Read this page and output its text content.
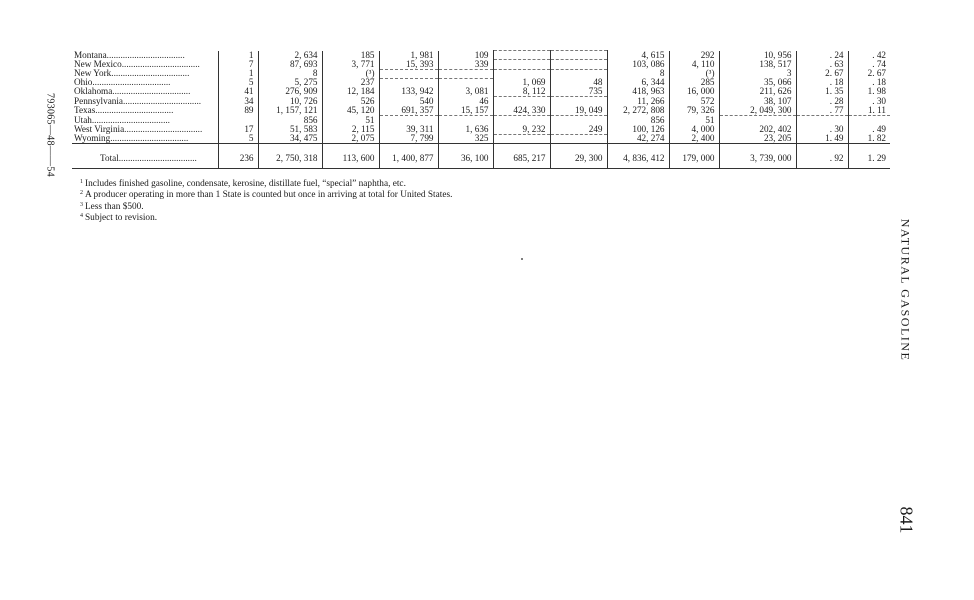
793065—48——54
Montana..................................	1	2, 634	185	1, 981	109			4, 615	292	10, 956	. 24	. 42
New Mexico..................................	7	87, 693	3, 771	15, 393	339			103, 086	4, 110	138, 517	. 63	. 74
New York..................................	1	8	(³)					8	(³)	3	2. 67	2. 67
Ohio..................................	5	5, 275	237			1, 069	48	6, 344	285	35, 066	. 18	. 18
Oklahoma..................................	41	276, 909	12, 184	133, 942	3, 081	8, 112	735	418, 963	16, 000	211, 626	1. 35	1. 98
Pennsylvania..................................	34	10, 726	526	540	46			11, 266	572	38, 107	. 28	. 30
Texas..................................	89	1, 157, 121	45, 120	691, 357	15, 157	424, 330	19, 049	2, 272, 808	79, 326	2, 049, 300	. 77	1. 11
Utah..................................		856	51					856	51			
West Virginia..................................	17	51, 583	2, 115	39, 311	1, 636	9, 232	249	100, 126	4, 000	202, 402	. 30	. 49
Wyoming..................................	5	34, 475	2, 075	7, 799	325			42, 274	2, 400	23, 205	1. 49	1. 82
Total..................................	236	2, 750, 318	113, 600	1, 400, 877	36, 100	685, 217	29, 300	4, 836, 412	179, 000	3, 739, 000	. 92	1. 29
$^1$ Includes finished gasoline, condensate, kerosine, distillate fuel, “special” naphtha, etc.
$^2$ A producer operating in more than 1 State is counted but once in arriving at total for United States.
$^3$ Less than $500.
$^4$ Subject to revision.
NATURAL GASOLINE
841
